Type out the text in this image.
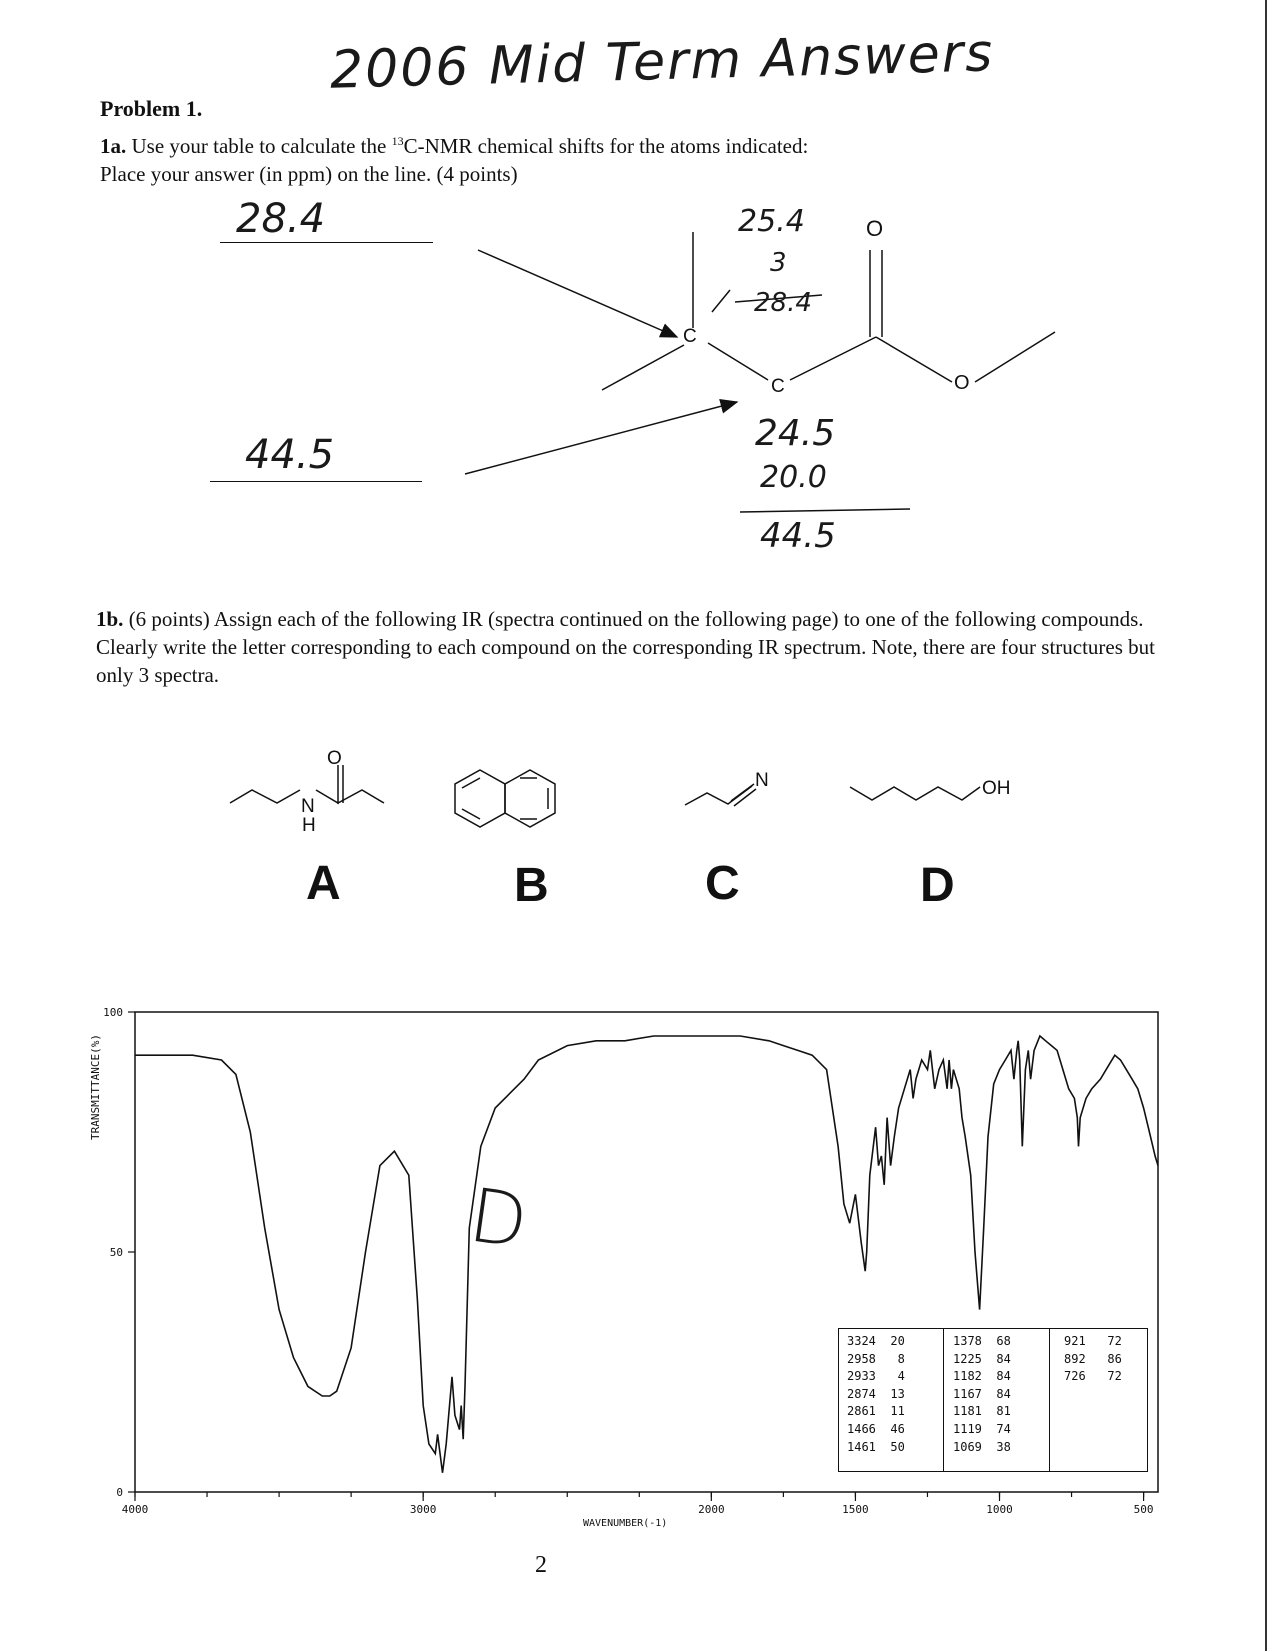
2006 Mid Term Answers
Problem 1.
1a. Use your table to calculate the $^{13}$C-NMR chemical shifts for the atoms indicated:
Place your answer (in ppm) on the line. (4 points)
28.4
44.5
C
C
O
O
25.4
3
28.4
24.5
20.0
44.5
1b. (6 points) Assign each of the following IR (spectra continued on the following page) to one of the following compounds. Clearly write the letter corresponding to each compound on the corresponding IR spectrum. Note, there are four structures but only 3 spectra.
O
N
H
N	OH
A	B	C	D
4000	3000	2000	1500	1000	500
0
50
100
TRANSMITTANCE(%)
WAVENUMBER(-1)
D
3324  20
2958   8
2933   4
2874  13
2861  11
1466  46
1461  50
1378  68
1225  84
1182  84
1167  84
1181  81
1119  74
1069  38
921   72
892   86
726   72
2
